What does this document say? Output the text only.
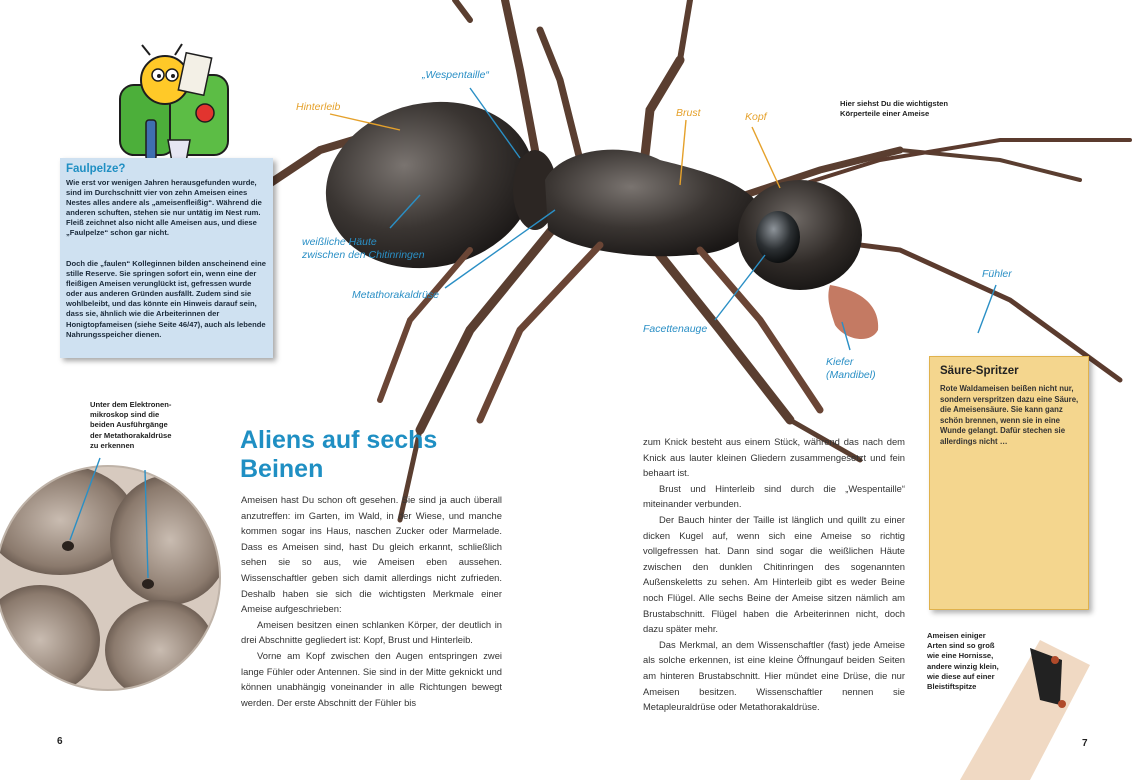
Hinterleib
„Wespentaille“
Brust	Kopf
weißliche Häute
zwischen den Chitinringen
Metathorakaldrüse
Facettenauge
Kiefer
(Mandibel)
Fühler
Hier siehst Du die wichtigsten
Körperteile einer Ameise
Faulpelze?

Wie erst vor wenigen Jahren herausgefunden wurde, sind im Durchschnitt vier von zehn Ameisen eines Nestes alles andere als „ameisenfleißig“. Während die anderen schuften, stehen sie nur untätig im Nest rum. Fleiß zeichnet also nicht alle Ameisen aus, und diese „Faulpelze“ schon gar nicht.

Doch die „faulen“ Kolleginnen bilden anscheinend eine stille Reserve. Sie springen sofort ein, wenn eine der fleißigen Ameisen verunglückt ist, gefressen wurde oder aus anderen Gründen ausfällt. Zudem sind sie wohlbeleibt, und das könnte ein Hinweis darauf sein, dass sie, ähnlich wie die Arbeiterinnen der Honigtopfameisen (siehe Seite 46/47), auch als lebende Nahrungsspeicher dienen.

Unter dem Elektronen-
mikroskop sind die
beiden Ausführgänge
der Metathorakaldrüse
zu erkennen	Aliens auf sechs
Beinen

Ameisen hast Du schon oft gesehen. Sie sind ja auch überall anzutreffen: im Garten, im Wald, in der Wiese, und manche kommen sogar ins Haus, naschen Zucker oder Marmelade. Dass es Ameisen sind, hast Du gleich erkannt, schließlich sehen sie so aus, wie Ameisen eben aussehen. Wissenschaftler geben sich damit allerdings nicht zufrieden. Deshalb haben sie sich die wichtigsten Merkmale einer Ameise aufgeschrieben:

Ameisen besitzen einen schlanken Körper, der deutlich in drei Abschnitte gegliedert ist: Kopf, Brust und Hinterleib.

Vorne am Kopf zwischen den Augen entspringen zwei lange Fühler oder Antennen. Sie sind in der Mitte geknickt und können unabhängig voneinander in alle Richtungen bewegt werden. Der erste Abschnitt der Fühler bis

zum Knick besteht aus einem Stück, während das nach dem Knick aus lauter kleinen Gliedern zusammengesetzt und fein behaart ist.

Brust und Hinterleib sind durch die „Wespentaille“ miteinander verbunden.

Der Bauch hinter der Taille ist länglich und quillt zu einer dicken Kugel auf, wenn sich eine Ameise so richtig vollgefressen hat. Dann sind sogar die weißlichen Häute zwischen den dunklen Chitinringen des sogenannten Außenskeletts zu sehen. Am Hinterleib gibt es weder Beine noch Flügel. Alle sechs Beine der Ameise sitzen nämlich am Brustabschnitt. Flügel haben die Arbeiterinnen nicht, doch dazu später mehr.

Das Merkmal, an dem Wissenschaftler (fast) jede Ameise als solche erkennen, ist eine kleine Öffnungauf beiden Seiten am hinteren Brustabschnitt. Hier mündet eine Drüse, die nur Ameisen besitzen. Wissenschaftler nennen sie Metapleuraldrüse oder Metathorakaldrüse.

Säure-Spritzer

Rote Waldameisen beißen nicht nur, sondern verspritzen dazu eine Säure, die Ameisensäure. Sie kann ganz schön brennen, wenn sie in eine Wunde gelangt. Dafür stechen sie allerdings nicht …

Ameisen einiger
Arten sind so groß
wie eine Hornisse,
andere winzig klein,
wie diese auf einer
Bleistiftspitze
6	7
